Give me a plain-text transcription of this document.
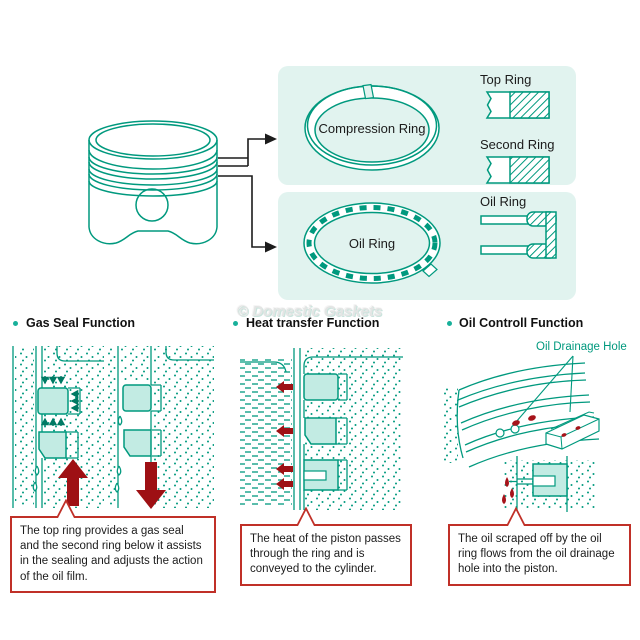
Compression Ring
Oil Ring
Top Ring
Second Ring
Oil Ring
© Domestic Gaskets
Gas Seal Function	Heat transfer Function	Oil Controll Function
Oil Drainage Hole
The top ring provides a gas seal and the second ring below it assists in the sealing and adjusts the action of the oil film.
The heat of the piston passes through the ring and is conveyed to the cylinder.
The oil scraped off by the oil ring flows from the oil drainage hole into the piston.
